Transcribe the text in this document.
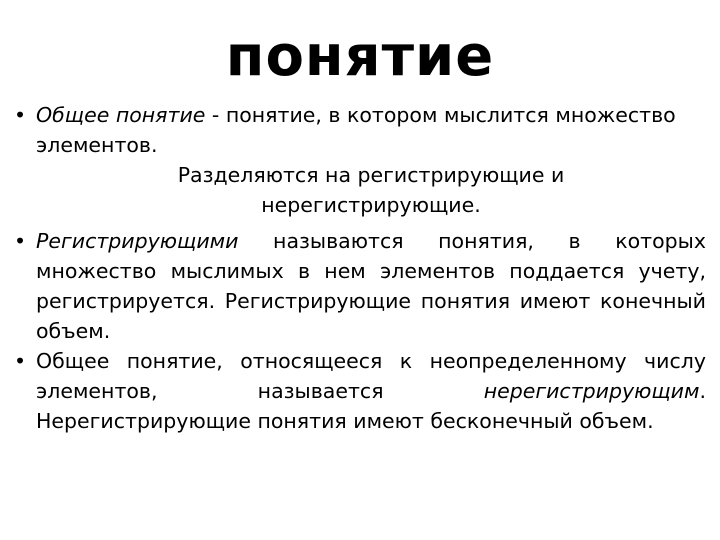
понятие
• Общее понятие - понятие, в котором мыслится множество элементов.
Разделяются на регистрирующие и
нерегистрирующие.
• Регистрирующими называются понятия, в которых множество мыслимых в нем элементов поддается учету, регистрируется. Регистрирующие понятия имеют конечный объем.
• Общее понятие, относящееся к неопределенному числу элементов, называется нерегистрирующим. Нерегистрирующие понятия имеют бесконечный объем.
